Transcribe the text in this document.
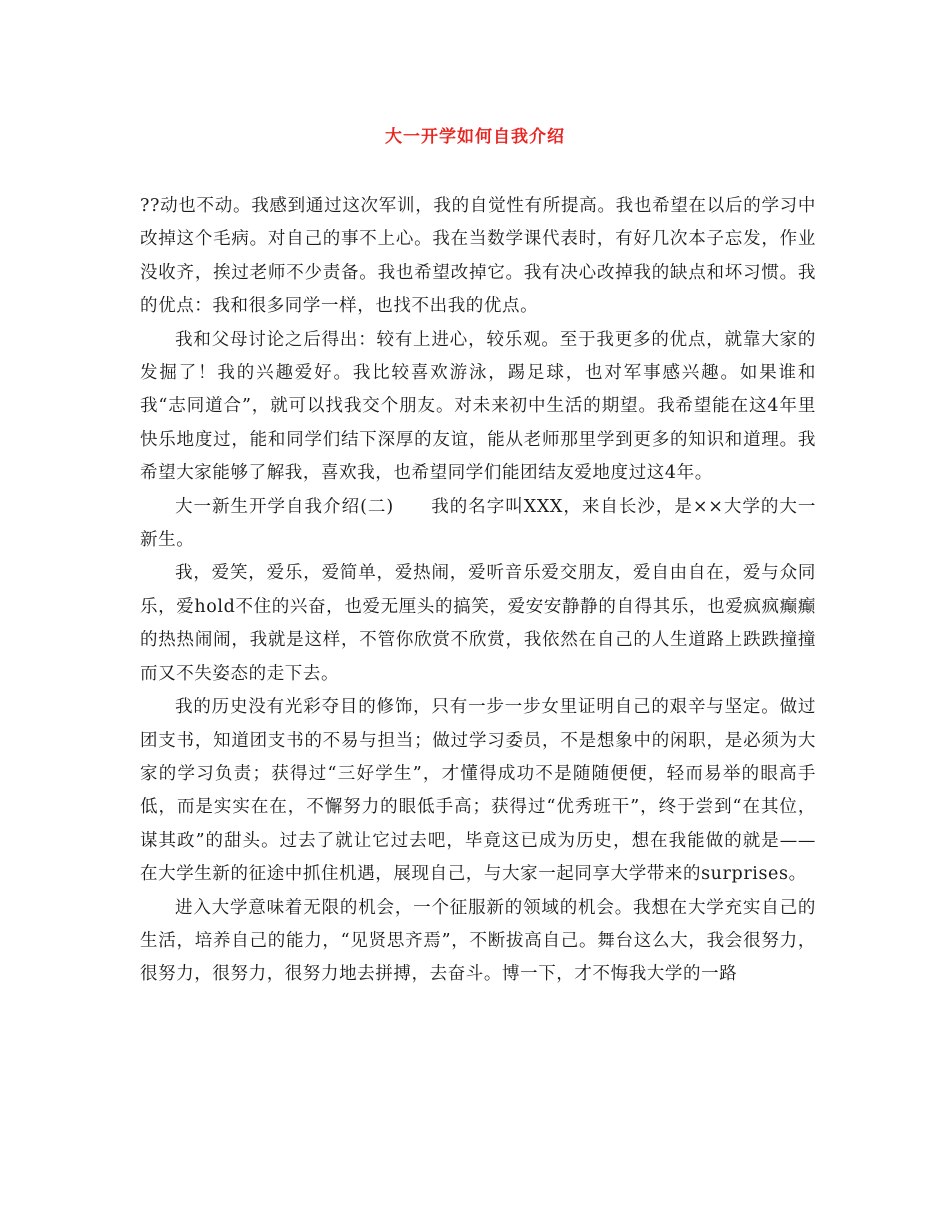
大一开学如何自我介绍

??动也不动。我感到通过这次军训，我的自觉性有所提高。我也希望在以后的学习中改掉这个毛病。对自己的事不上心。我在当数学课代表时，有好几次本子忘发，作业没收齐，挨过老师不少责备。我也希望改掉它。我有决心改掉我的缺点和坏习惯。我的优点：我和很多同学一样，也找不出我的优点。

我和父母讨论之后得出：较有上进心，较乐观。至于我更多的优点，就靠大家的发掘了！我的兴趣爱好。我比较喜欢游泳，踢足球，也对军事感兴趣。如果谁和我“志同道合”，就可以找我交个朋友。对未来初中生活的期望。我希望能在这4年里快乐地度过，能和同学们结下深厚的友谊，能从老师那里学到更多的知识和道理。我希望大家能够了解我，喜欢我，也希望同学们能团结友爱地度过这4年。

大一新生开学自我介绍(二)　　我的名字叫XXX，来自长沙，是××大学的大一新生。

我，爱笑，爱乐，爱简单，爱热闹，爱听音乐爱交朋友，爱自由自在，爱与众同乐，爱hold不住的兴奋，也爱无厘头的搞笑，爱安安静静的自得其乐，也爱疯疯癫癫的热热闹闹，我就是这样，不管你欣赏不欣赏，我依然在自己的人生道路上跌跌撞撞而又不失姿态的走下去。

我的历史没有光彩夺目的修饰，只有一步一步女里证明自己的艰辛与坚定。做过团支书，知道团支书的不易与担当；做过学习委员，不是想象中的闲职，是必须为大家的学习负责；获得过“三好学生”，才懂得成功不是随随便便，轻而易举的眼高手低，而是实实在在，不懈努力的眼低手高；获得过“优秀班干”，终于尝到“在其位，谋其政”的甜头。过去了就让它过去吧，毕竟这已成为历史，想在我能做的就是——在大学生新的征途中抓住机遇，展现自己，与大家一起同享大学带来的surprises。

进入大学意味着无限的机会，一个征服新的领域的机会。我想在大学充实自己的生活，培养自己的能力，“见贤思齐焉”，不断拔高自己。舞台这么大，我会很努力，很努力，很努力，很努力地去拼搏，去奋斗。博一下，才不悔我大学的一路
